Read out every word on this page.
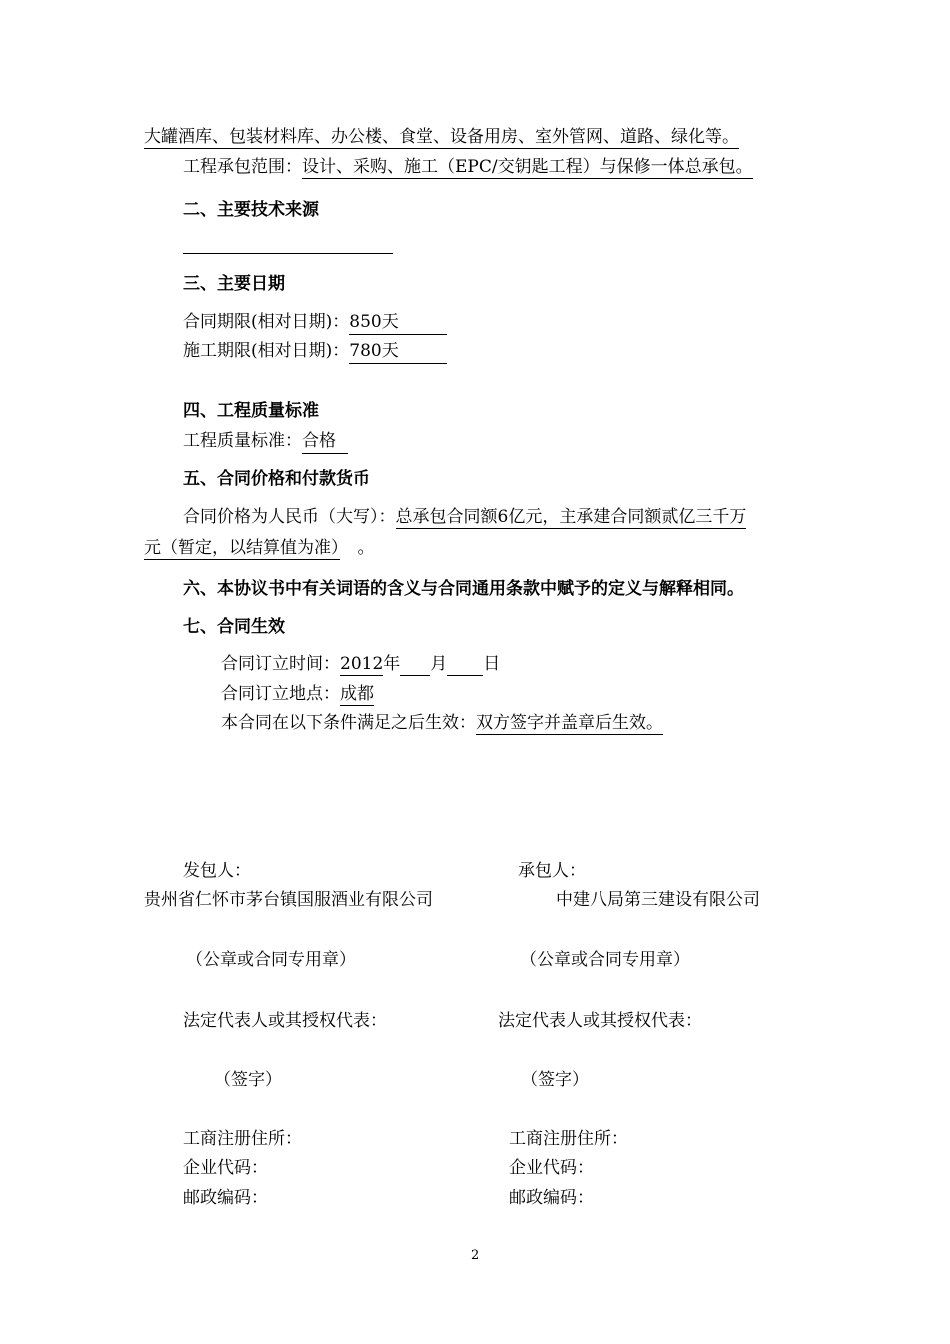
大罐酒库、包装材料库、办公楼、食堂、设备用房、室外管网、道路、绿化等。
工程承包范围：设计、采购、施工（EPC/交钥匙工程）与保修一体总承包。
二、主要技术来源
三、主要日期
合同期限(相对日期)：850天
施工期限(相对日期)：780天
四、工程质量标准
工程质量标准：合格
五、合同价格和付款货币
合同价格为人民币（大写）：总承包合同额6亿元，主承建合同额贰亿三千万
元（暂定，以结算值为准） 。
六、本协议书中有关词语的含义与合同通用条款中赋予的定义与解释相同。
七、合同生效
合同订立时间：2012年 月 日
合同订立地点：成都
本合同在以下条件满足之后生效：双方签字并盖章后生效。
发包人：
贵州省仁怀市茅台镇国服酒业有限公司
（公章或合同专用章）
法定代表人或其授权代表：
（签字）
工商注册住所：
企业代码：
邮政编码：
承包人：
中建八局第三建设有限公司
（公章或合同专用章）
法定代表人或其授权代表：
（签字）
工商注册住所：
企业代码：
邮政编码：
2
